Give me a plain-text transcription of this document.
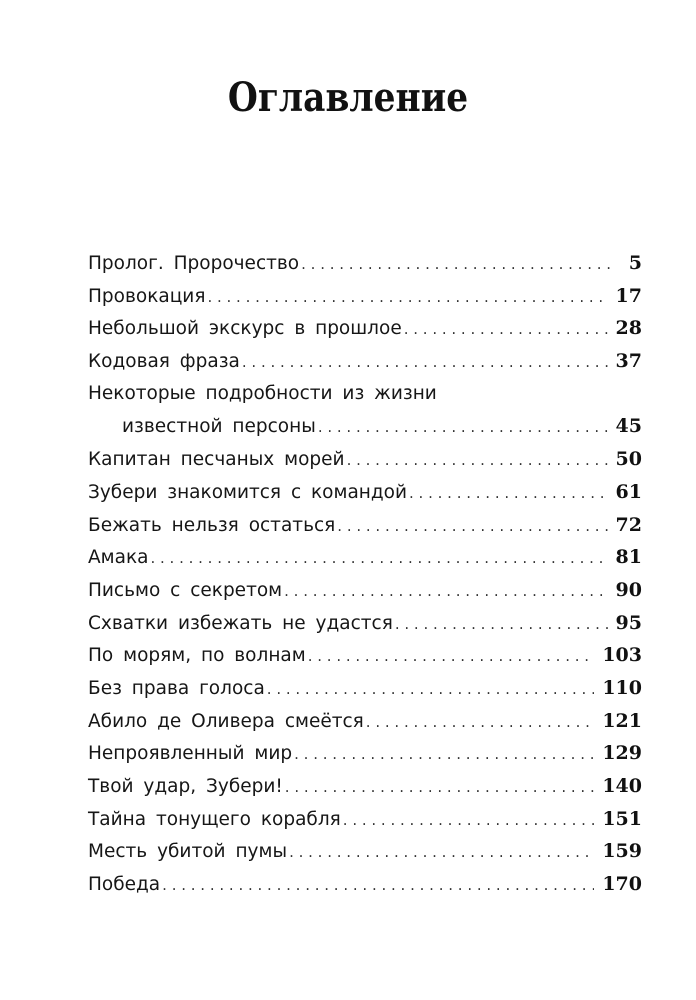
Оглавление
Пролог. Пророчество . . .	5
Провокация . . .	17
Небольшой экскурс в прошлое . . .	28
Кодовая фраза . . .	37
Некоторые подробности из жизни
известной персоны . . .	45
Капитан песчаных морей . . .	50
Зубери знакомится с командой . . .	61
Бежать нельзя остаться . . .	72
Амака . . .	81
Письмо с секретом . . .	90
Схватки избежать не удастся . . .	95
По морям, по волнам . . .	103
Без права голоса . . .	110
Абило де Оливера смеётся . . .	121
Непроявленный мир . . .	129
Твой удар, Зубери! . . .	140
Тайна тонущего корабля . . .	151
Месть убитой пумы . . .	159
Победа . . .	170
